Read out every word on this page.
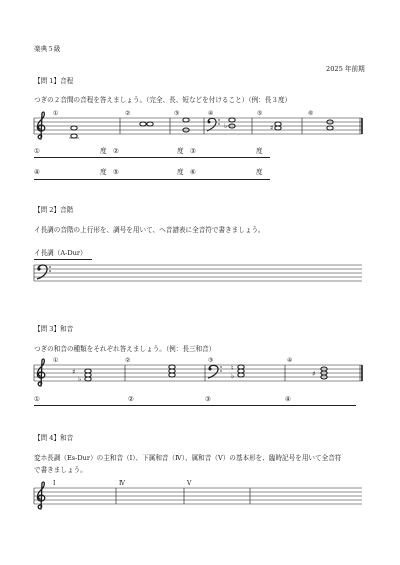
楽典５級
2025 年前期
【問 1】音程
つぎの２音間の音程を答えましょう。（完全、長、短などを付けること）（例：長３度）
①	②	③	④	⑤	⑥
①	度 ②	度 ③	度
④	度 ⑤	度 ⑥	度
【問 2】音階
イ長調の音階の上行形を、調号を用いて、へ音譜表に全音符で書きましょう。
イ長調（A-Dur）
【問 3】和音
つぎの和音の種類をそれぞれ答えましょう。（例：長三和音）
①	②	③	④
①	②	③	④
【問 4】和音
変ホ長調（Es-Dur）の主和音（Ⅰ）、下属和音（Ⅳ）、属和音（Ⅴ）の基本形を、臨時記号を用いて全音符
で書きましょう。
Ⅰ	Ⅳ	Ⅴ
♭	♯
♯
♭
♮
♭	♯
